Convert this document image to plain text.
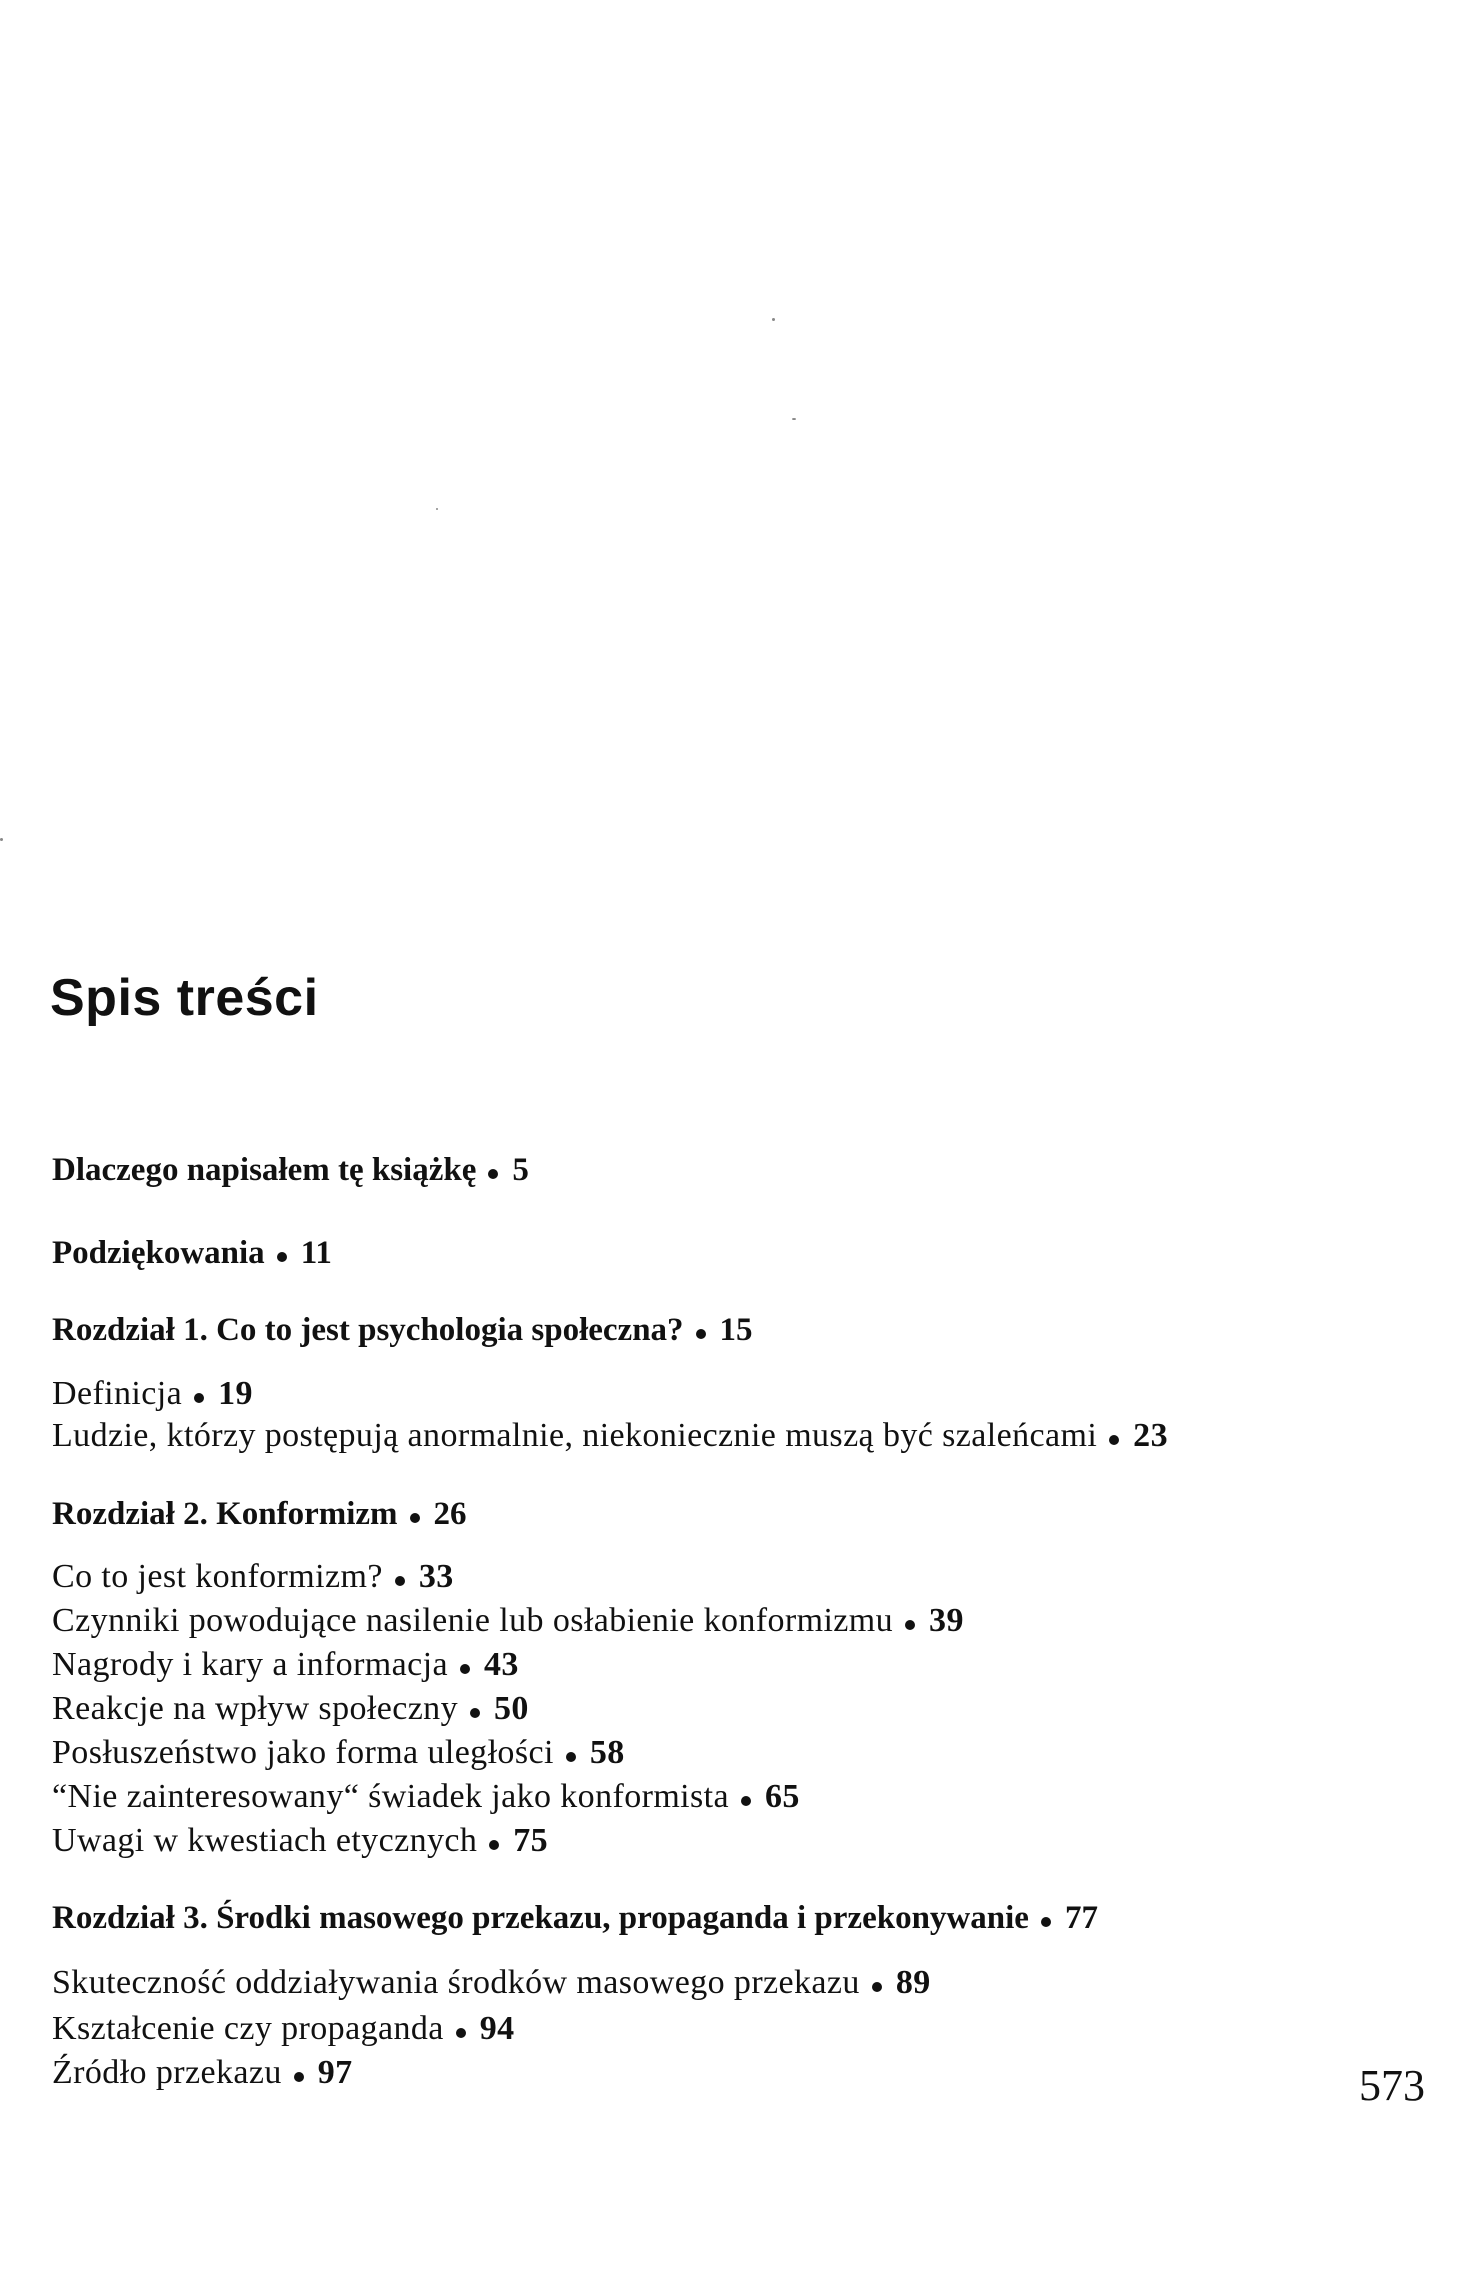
Spis treści
Dlaczego napisałem tę książkę 5
Podziękowania 11
Rozdział 1. Co to jest psychologia społeczna? 15
Definicja 19
Ludzie, którzy postępują anormalnie, niekoniecznie muszą być szaleńcami 23
Rozdział 2. Konformizm 26
Co to jest konformizm? 33
Czynniki powodujące nasilenie lub osłabienie konformizmu 39
Nagrody i kary a informacja 43
Reakcje na wpływ społeczny 50
Posłuszeństwo jako forma uległości 58
“Nie zainteresowany“ świadek jako konformista 65
Uwagi w kwestiach etycznych 75
Rozdział 3. Środki masowego przekazu, propaganda i przekonywanie 77
Skuteczność oddziaływania środków masowego przekazu 89
Kształcenie czy propaganda 94
Źródło przekazu 97	573
